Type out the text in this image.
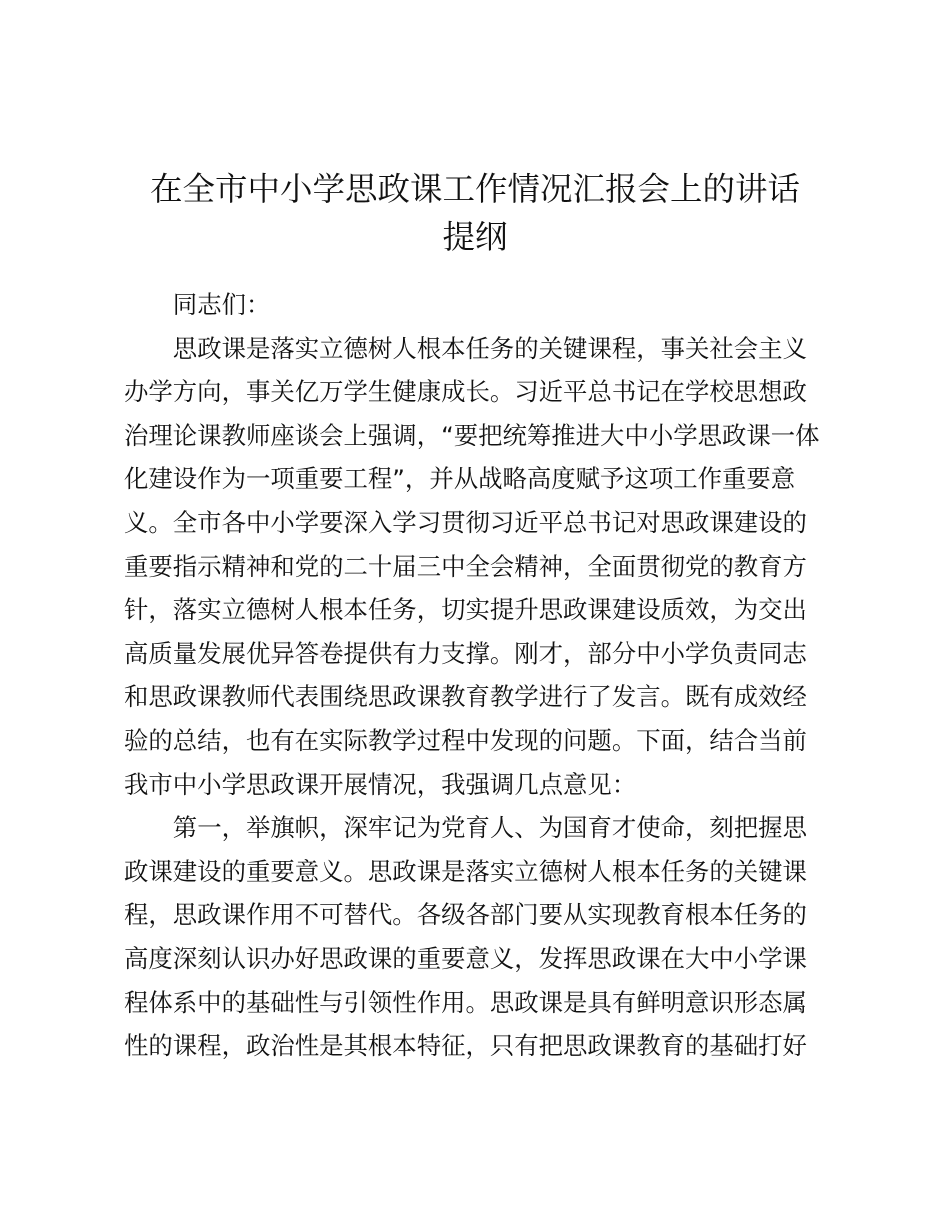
在全市中小学思政课工作情况汇报会上的讲话
提纲
同志们：
思政课是落实立德树人根本任务的关键课程，事关社会主义
办学方向，事关亿万学生健康成长。习近平总书记在学校思想政
治理论课教师座谈会上强调，“要把统筹推进大中小学思政课一体
化建设作为一项重要工程”，并从战略高度赋予这项工作重要意
义。全市各中小学要深入学习贯彻习近平总书记对思政课建设的
重要指示精神和党的二十届三中全会精神，全面贯彻党的教育方
针，落实立德树人根本任务，切实提升思政课建设质效，为交出
高质量发展优异答卷提供有力支撑。刚才，部分中小学负责同志
和思政课教师代表围绕思政课教育教学进行了发言。既有成效经
验的总结，也有在实际教学过程中发现的问题。下面，结合当前
我市中小学思政课开展情况，我强调几点意见：
第一，举旗帜，深牢记为党育人、为国育才使命，刻把握思
政课建设的重要意义。思政课是落实立德树人根本任务的关键课
程，思政课作用不可替代。各级各部门要从实现教育根本任务的
高度深刻认识办好思政课的重要意义，发挥思政课在大中小学课
程体系中的基础性与引领性作用。思政课是具有鲜明意识形态属
性的课程，政治性是其根本特征，只有把思政课教育的基础打好
